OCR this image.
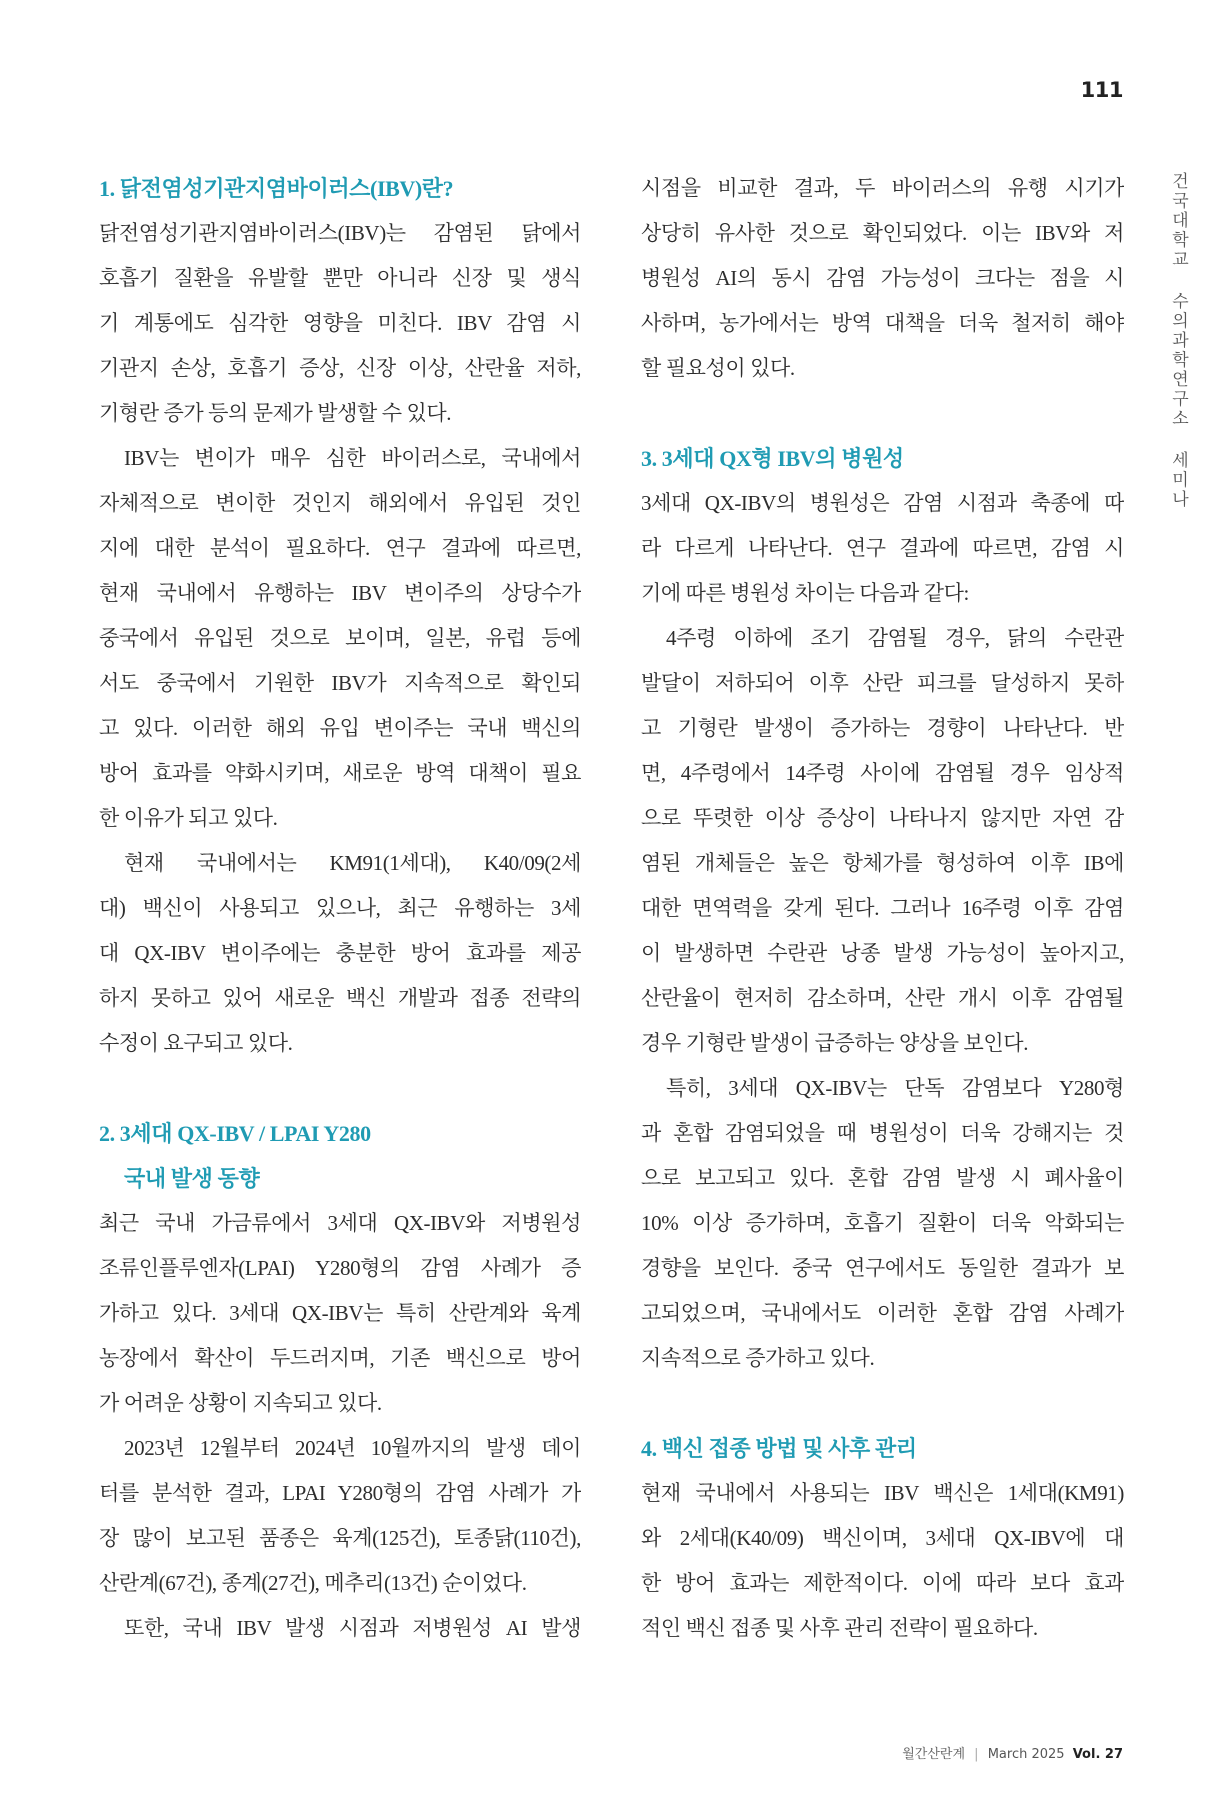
111
건국대학교 수의과학연구소 세미나
1. 닭전염성기관지염바이러스(IBV)란?
닭전염성기관지염바이러스(IBV)는 감염된 닭에서
호흡기 질환을 유발할 뿐만 아니라 신장 및 생식
기 계통에도 심각한 영향을 미친다. IBV 감염 시
기관지 손상, 호흡기 증상, 신장 이상, 산란율 저하,
기형란 증가 등의 문제가 발생할 수 있다.
IBV는 변이가 매우 심한 바이러스로, 국내에서
자체적으로 변이한 것인지 해외에서 유입된 것인
지에 대한 분석이 필요하다. 연구 결과에 따르면,
현재 국내에서 유행하는 IBV 변이주의 상당수가
중국에서 유입된 것으로 보이며, 일본, 유럽 등에
서도 중국에서 기원한 IBV가 지속적으로 확인되
고 있다. 이러한 해외 유입 변이주는 국내 백신의
방어 효과를 약화시키며, 새로운 방역 대책이 필요
한 이유가 되고 있다.
현재 국내에서는 KM91(1세대), K40/09(2세
대) 백신이 사용되고 있으나, 최근 유행하는 3세
대 QX-IBV 변이주에는 충분한 방어 효과를 제공
하지 못하고 있어 새로운 백신 개발과 접종 전략의
수정이 요구되고 있다.
2. 3세대 QX-IBV / LPAI Y280
국내 발생 동향
최근 국내 가금류에서 3세대 QX-IBV와 저병원성
조류인플루엔자(LPAI) Y280형의 감염 사례가 증
가하고 있다. 3세대 QX-IBV는 특히 산란계와 육계
농장에서 확산이 두드러지며, 기존 백신으로 방어
가 어려운 상황이 지속되고 있다.
2023년 12월부터 2024년 10월까지의 발생 데이
터를 분석한 결과, LPAI Y280형의 감염 사례가 가
장 많이 보고된 품종은 육계(125건), 토종닭(110건),
산란계(67건), 종계(27건), 메추리(13건) 순이었다.
또한, 국내 IBV 발생 시점과 저병원성 AI 발생
시점을 비교한 결과, 두 바이러스의 유행 시기가
상당히 유사한 것으로 확인되었다. 이는 IBV와 저
병원성 AI의 동시 감염 가능성이 크다는 점을 시
사하며, 농가에서는 방역 대책을 더욱 철저히 해야
할 필요성이 있다.
3. 3세대 QX형 IBV의 병원성
3세대 QX-IBV의 병원성은 감염 시점과 축종에 따
라 다르게 나타난다. 연구 결과에 따르면, 감염 시
기에 따른 병원성 차이는 다음과 같다:
4주령 이하에 조기 감염될 경우, 닭의 수란관
발달이 저하되어 이후 산란 피크를 달성하지 못하
고 기형란 발생이 증가하는 경향이 나타난다. 반
면, 4주령에서 14주령 사이에 감염될 경우 임상적
으로 뚜렷한 이상 증상이 나타나지 않지만 자연 감
염된 개체들은 높은 항체가를 형성하여 이후 IB에
대한 면역력을 갖게 된다. 그러나 16주령 이후 감염
이 발생하면 수란관 낭종 발생 가능성이 높아지고,
산란율이 현저히 감소하며, 산란 개시 이후 감염될
경우 기형란 발생이 급증하는 양상을 보인다.
특히, 3세대 QX-IBV는 단독 감염보다 Y280형
과 혼합 감염되었을 때 병원성이 더욱 강해지는 것
으로 보고되고 있다. 혼합 감염 발생 시 폐사율이
10% 이상 증가하며, 호흡기 질환이 더욱 악화되는
경향을 보인다. 중국 연구에서도 동일한 결과가 보
고되었으며, 국내에서도 이러한 혼합 감염 사례가
지속적으로 증가하고 있다.
4. 백신 접종 방법 및 사후 관리
현재 국내에서 사용되는 IBV 백신은 1세대(KM91)
와 2세대(K40/09) 백신이며, 3세대 QX-IBV에 대
한 방어 효과는 제한적이다. 이에 따라 보다 효과
적인 백신 접종 및 사후 관리 전략이 필요하다.
월간산란계 | March 2025 Vol. 27
